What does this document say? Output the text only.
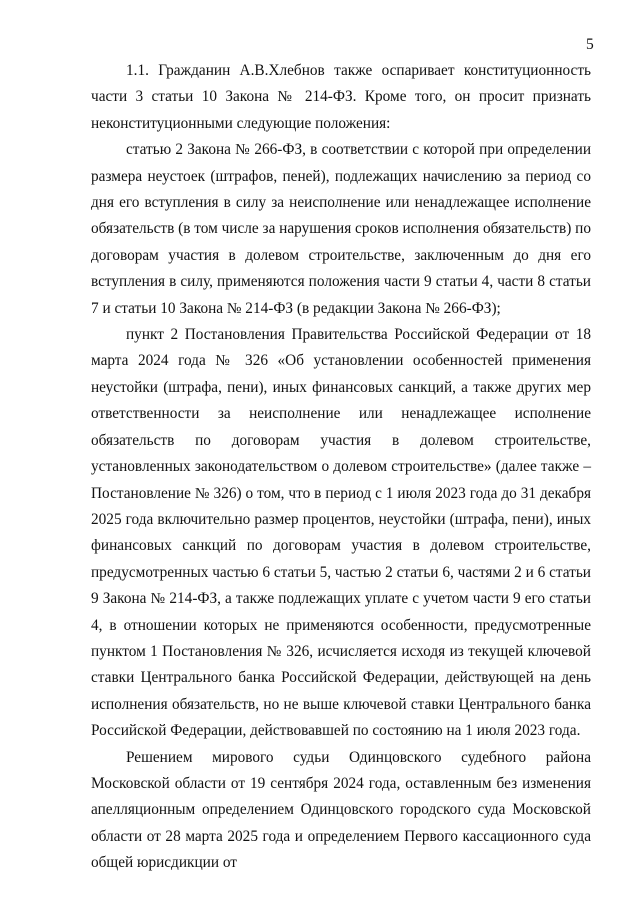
5

1.1. Гражданин А.В.Хлебнов также оспаривает конституционность части 3 статьи 10 Закона № 214-ФЗ. Кроме того, он просит признать неконституционными следующие положения:

статью 2 Закона № 266-ФЗ, в соответствии с которой при определении размера неустоек (штрафов, пеней), подлежащих начислению за период со дня его вступления в силу за неисполнение или ненадлежащее исполнение обязательств (в том числе за нарушения сроков исполнения обязательств) по договорам участия в долевом строительстве, заключенным до дня его вступления в силу, применяются положения части 9 статьи 4, части 8 статьи 7 и статьи 10 Закона № 214-ФЗ (в редакции Закона № 266-ФЗ);

пункт 2 Постановления Правительства Российской Федерации от 18 марта 2024 года № 326 «Об установлении особенностей применения неустойки (штрафа, пени), иных финансовых санкций, а также других мер ответственности за неисполнение или ненадлежащее исполнение обязательств по договорам участия в долевом строительстве, установленных законодательством о долевом строительстве» (далее также – Постановление № 326) о том, что в период с 1 июля 2023 года до 31 декабря 2025 года включительно размер процентов, неустойки (штрафа, пени), иных финансовых санкций по договорам участия в долевом строительстве, предусмотренных частью 6 статьи 5, частью 2 статьи 6, частями 2 и 6 статьи 9 Закона № 214-ФЗ, а также подлежащих уплате с учетом части 9 его статьи 4, в отношении которых не применяются особенности, предусмотренные пунктом 1 Постановления № 326, исчисляется исходя из текущей ключевой ставки Центрального банка Российской Федерации, действующей на день исполнения обязательств, но не выше ключевой ставки Центрального банка Российской Федерации, действовавшей по состоянию на 1 июля 2023 года.

Решением мирового судьи Одинцовского судебного района Московской области от 19 сентября 2024 года, оставленным без изменения апелляционным определением Одинцовского городского суда Московской области от 28 марта 2025 года и определением Первого кассационного суда общей юрисдикции от
